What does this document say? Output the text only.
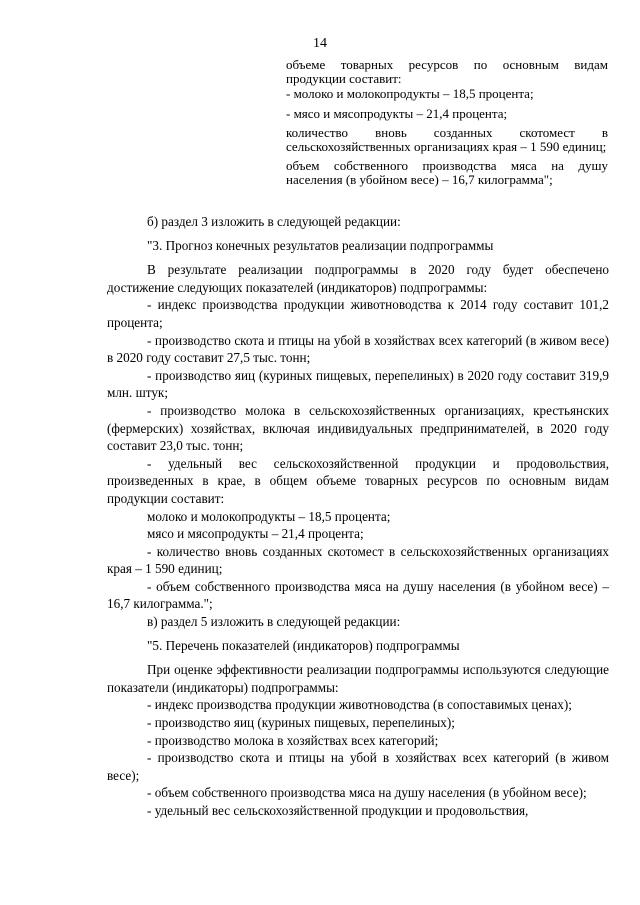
14

объеме товарных ресурсов по основным видам продукции составит:

- молоко и молокопродукты – 18,5 процента;

- мясо и мясопродукты – 21,4 процента;

количество вновь созданных скотомест в сельскохозяйственных организациях края – 1 590 единиц;

объем собственного производства мяса на душу населения (в убойном весе) – 16,7 килограмма";

б) раздел 3 изложить в следующей редакции:

"3. Прогноз конечных результатов реализации подпрограммы

В результате реализации подпрограммы в 2020 году будет обеспечено достижение следующих показателей (индикаторов) подпрограммы:

- индекс производства продукции животноводства к 2014 году составит 101,2 процента;

- производство скота и птицы на убой в хозяйствах всех категорий (в живом весе) в 2020 году составит 27,5 тыс. тонн;

- производство яиц (куриных пищевых, перепелиных) в 2020 году составит 319,9 млн. штук;

- производство молока в сельскохозяйственных организациях, крестьянских (фермерских) хозяйствах, включая индивидуальных предпринимателей, в 2020 году составит 23,0 тыс. тонн;

- удельный вес сельскохозяйственной продукции и продовольствия, произведенных в крае, в общем объеме товарных ресурсов по основным видам продукции составит:

молоко и молокопродукты – 18,5 процента;

мясо и мясопродукты – 21,4 процента;

- количество вновь созданных скотомест в сельскохозяйственных организациях края – 1 590 единиц;

- объем собственного производства мяса на душу населения (в убойном весе) – 16,7 килограмма.";

в) раздел 5 изложить в следующей редакции:

"5. Перечень показателей (индикаторов) подпрограммы

При оценке эффективности реализации подпрограммы используются следующие показатели (индикаторы) подпрограммы:

- индекс производства продукции животноводства (в сопоставимых ценах);

- производство яиц (куриных пищевых, перепелиных);

- производство молока в хозяйствах всех категорий;

- производство скота и птицы на убой в хозяйствах всех категорий (в живом весе);

- объем собственного производства мяса на душу населения (в убойном весе);

- удельный вес сельскохозяйственной продукции и продовольствия,
